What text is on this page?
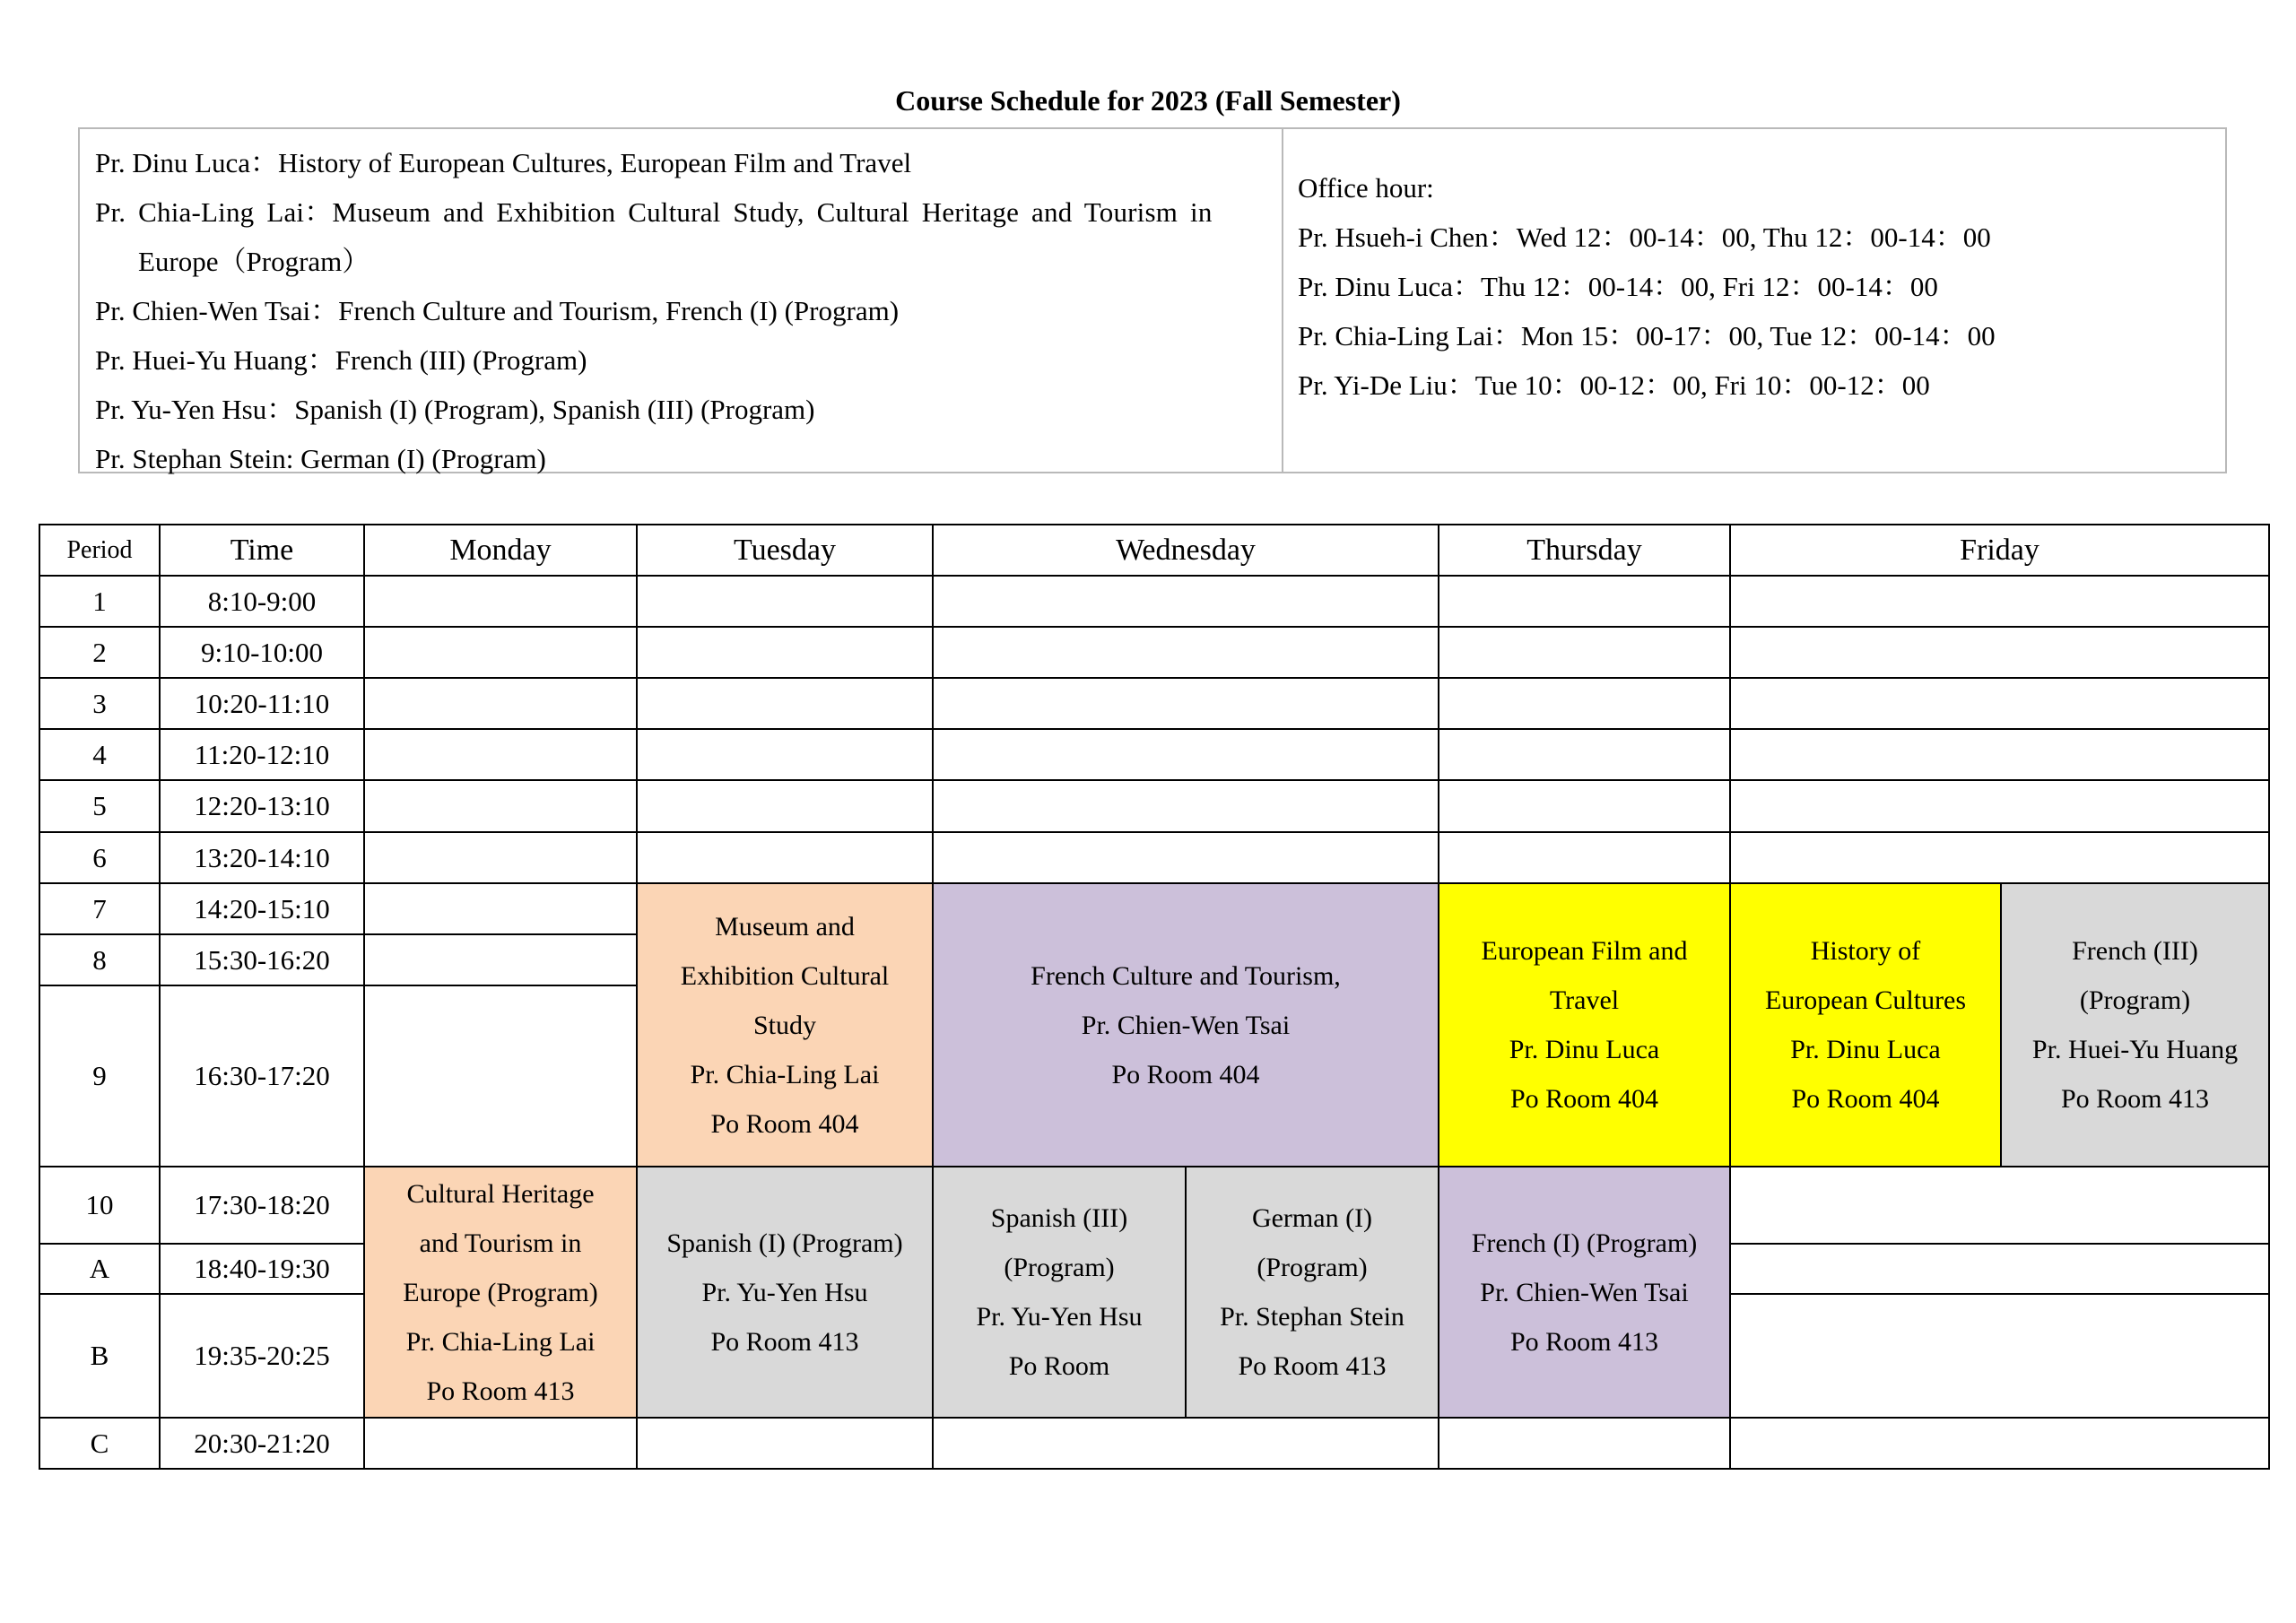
Course Schedule for 2023 (Fall Semester)
Pr. Dinu Luca：History of European Cultures, European Film and Travel
Pr. Chia-Ling Lai：Museum and Exhibition Cultural Study, Cultural Heritage and Tourism in
Europe（Program）
Pr. Chien-Wen Tsai：French Culture and Tourism, French (I) (Program)
Pr. Huei-Yu Huang：French (III) (Program)
Pr. Yu-Yen Hsu：Spanish (I) (Program), Spanish (III) (Program)
Pr. Stephan Stein: German (I) (Program)
Office hour:
Pr. Hsueh-i Chen：Wed 12：00-14：00, Thu 12：00-14：00
Pr. Dinu Luca：Thu 12：00-14：00, Fri 12：00-14：00
Pr. Chia-Ling Lai：Mon 15：00-17：00, Tue 12：00-14：00
Pr. Yi-De Liu：Tue 10：00-12：00, Fri 10：00-12：00
Period	Time	Monday	Tuesday	Wednesday		Thursday	Friday	
1	8:10-9:00							
2	9:10-10:00							
3	10:20-11:10							
4	11:20-12:10							
5	12:20-13:10							
6	13:20-14:10							
7	14:20-15:10		Museum and
Exhibition Cultural
Study
Pr. Chia-Ling Lai
Po Room 404	French Culture and Tourism,
Pr. Chien-Wen Tsai
Po Room 404		European Film and
Travel
Pr. Dinu Luca
Po Room 404	History of
European Cultures
Pr. Dinu Luca
Po Room 404	French (III)
(Program)
Pr. Huei-Yu Huang
Po Room 413

8	15:30-16:20							
9	16:30-17:20							
10	17:30-18:20	Cultural Heritage
and Tourism in
Europe (Program)
Pr. Chia-Ling Lai
Po Room 413	Spanish (I) (Program)
Pr. Yu-Yen Hsu
Po Room 413	Spanish (III)
(Program)
Pr. Yu-Yen Hsu
Po Room	German (I)
(Program)
Pr. Stephan Stein
Po Room 413	French (I) (Program)
Pr. Chien-Wen Tsai
Po Room 413		

A	18:40-19:30							
B	19:35-20:25							
C	20:30-21:20							
